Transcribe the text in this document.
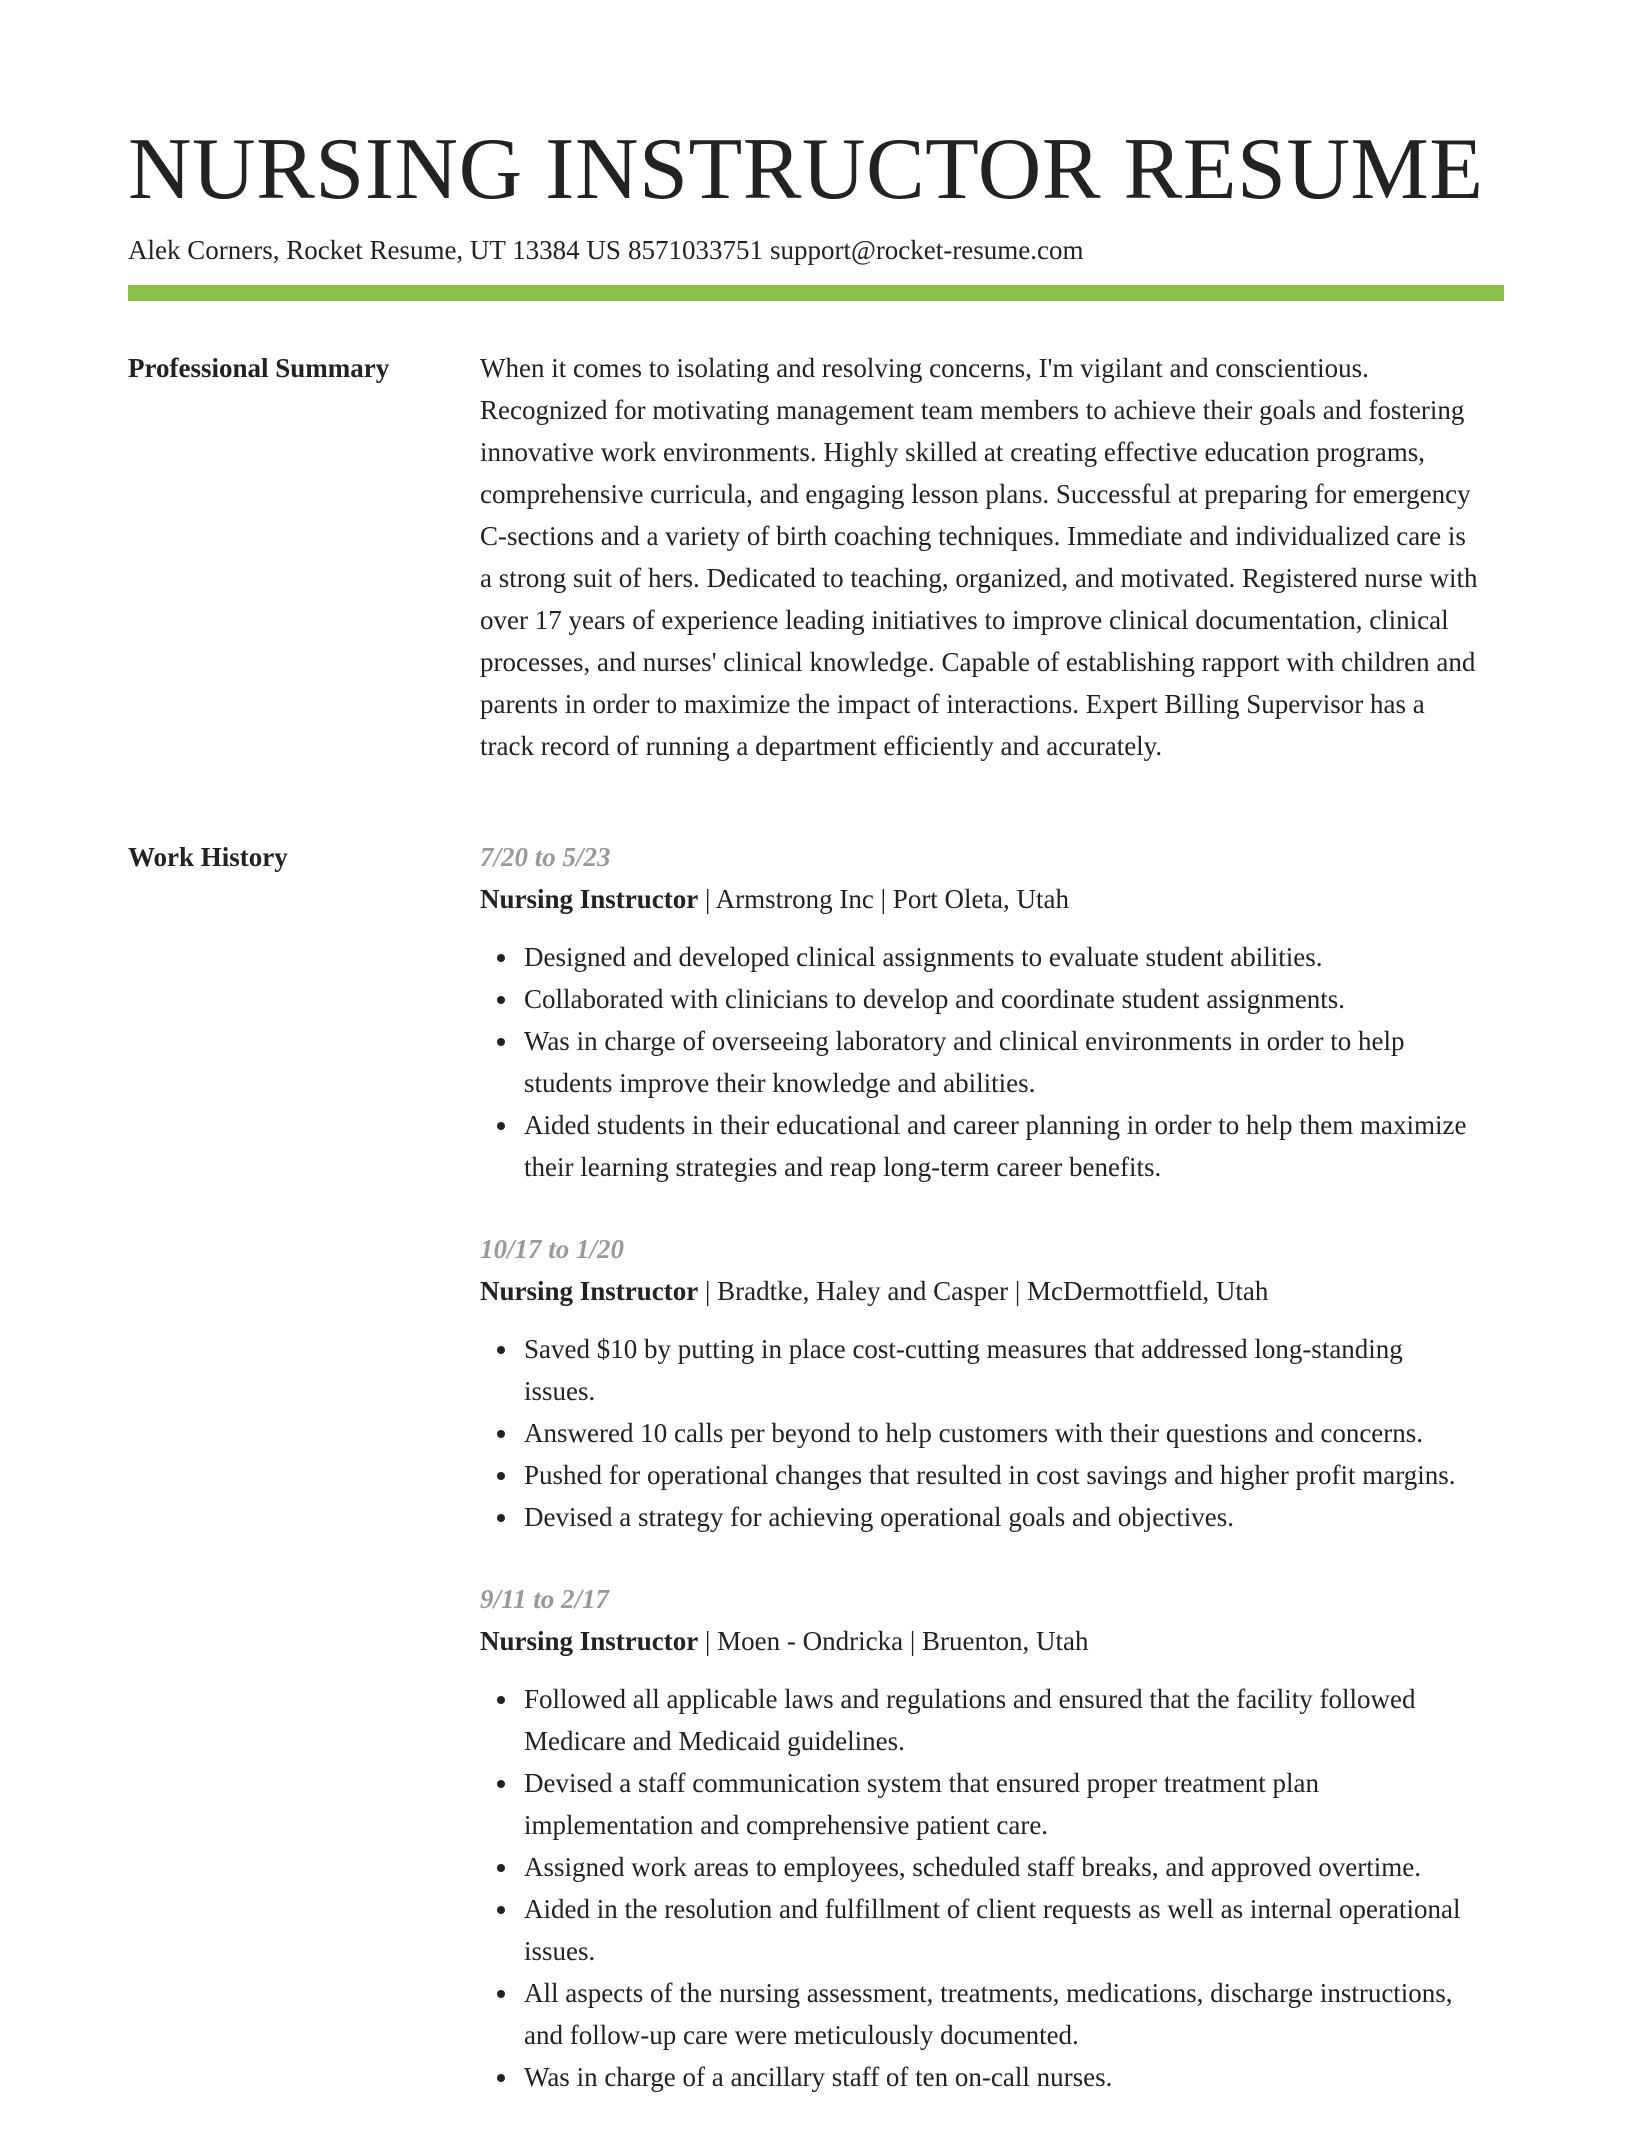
NURSING INSTRUCTOR RESUME
Alek Corners, Rocket Resume, UT 13384 US 8571033751 support@rocket-resume.com
Professional Summary	When it comes to isolating and resolving concerns, I'm vigilant and conscientious. Recognized for motivating management team members to achieve their goals and fostering innovative work environments. Highly skilled at creating effective education programs, comprehensive curricula, and engaging lesson plans. Successful at preparing for emergency C-sections and a variety of birth coaching techniques. Immediate and individualized care is a strong suit of hers. Dedicated to teaching, organized, and motivated. Registered nurse with over 17 years of experience leading initiatives to improve clinical documentation, clinical processes, and nurses' clinical knowledge. Capable of establishing rapport with children and parents in order to maximize the impact of interactions. Expert Billing Supervisor has a track record of running a department efficiently and accurately.

Work History	7/20 to 5/23
Nursing Instructor | Armstrong Inc | Port Oleta, Utah
Designed and developed clinical assignments to evaluate student abilities.
Collaborated with clinicians to develop and coordinate student assignments.
Was in charge of overseeing laboratory and clinical environments in order to help students improve their knowledge and abilities.
Aided students in their educational and career planning in order to help them maximize their learning strategies and reap long-term career benefits.
10/17 to 1/20
Nursing Instructor | Bradtke, Haley and Casper | McDermottfield, Utah
Saved $10 by putting in place cost-cutting measures that addressed long-standing issues.
Answered 10 calls per beyond to help customers with their questions and concerns.
Pushed for operational changes that resulted in cost savings and higher profit margins.
Devised a strategy for achieving operational goals and objectives.
9/11 to 2/17
Nursing Instructor | Moen - Ondricka | Bruenton, Utah
Followed all applicable laws and regulations and ensured that the facility followed Medicare and Medicaid guidelines.
Devised a staff communication system that ensured proper treatment plan implementation and comprehensive patient care.
Assigned work areas to employees, scheduled staff breaks, and approved overtime.
Aided in the resolution and fulfillment of client requests as well as internal operational issues.
All aspects of the nursing assessment, treatments, medications, discharge instructions, and follow-up care were meticulously documented.
Was in charge of a ancillary staff of ten on-call nurses.
